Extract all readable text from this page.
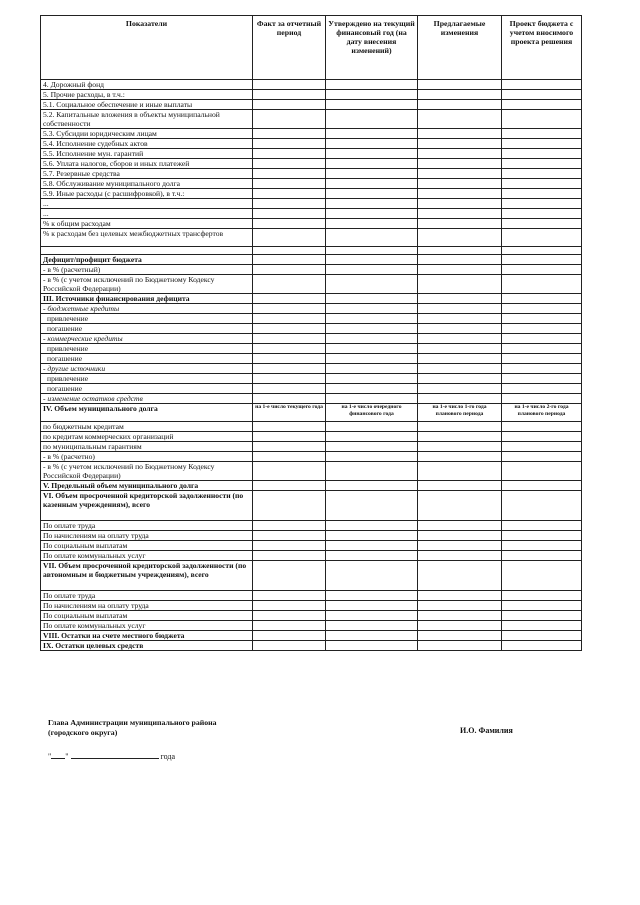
Показатели	Факт за отчетный период	Утверждено на текущий финансовый год (на дату внесения изменений)	Предлагаемые изменения	Проект бюджета с учетом вносимого проекта решения
4. Дорожный фонд				
5. Прочие расходы, в т.ч.:				
5.1. Социальное обеспечение и иные выплаты				
5.2. Капитальные вложения в объекты муниципальной собственности				
5.3. Субсидии юридическим лицам				
5.4. Исполнение судебных актов				
5.5. Исполнение мун. гарантий				
5.6. Уплата налогов, сборов и иных платежей				
5.7. Резервные средства				
5.8. Обслуживание муниципального долга				
5.9. Иные расходы (с расшифровкой), в т.ч.:				
...				
...				
% к общим расходам				
% к расходам без целевых межбюджетных трансфертов				

Дефицит/профицит бюджета				
- в % (расчетный)				
- в % (с учетом исключений по Бюджетному Кодексу Российской Федерации)				
III. Источники финансирования дефицита				
- бюджетные кредиты				
привлечение				
погашение				
- коммерческие кредиты				
привлечение				
погашение				
- другие источники				
привлечение				
погашение				
- изменение остатков средств				
IV. Объем муниципального долга	на 1-е число текущего года	на 1-е число очередного финансового года	на 1-е число 1-го года планового периода	на 1-е число 2-го года планового периода
по бюджетным кредитам				
по кредитам коммерческих организаций				
по муниципальным гарантиям				
- в % (расчетно)				
- в % (с учетом исключений по Бюджетному Кодексу Российской Федерации)				
V. Предельный объем муниципального долга				
VI. Объем просроченной кредиторской задолженности (по казенным учреждениям), всего				
По оплате труда				
По начислениям на оплату труда				
По социальным выплатам				
По оплате коммунальных услуг				
VII. Объем просроченной кредиторской задолженности (по автономным и бюджетным учреждениям), всего				
По оплате труда				
По начислениям на оплату труда				
По социальным выплатам				
По оплате коммунальных услуг				
VIII. Остатки на счете местного бюджета				
IX. Остатки целевых средств				
Глава Администрации муниципального района
(городского округа)	И.О. Фамилия
" "	года
